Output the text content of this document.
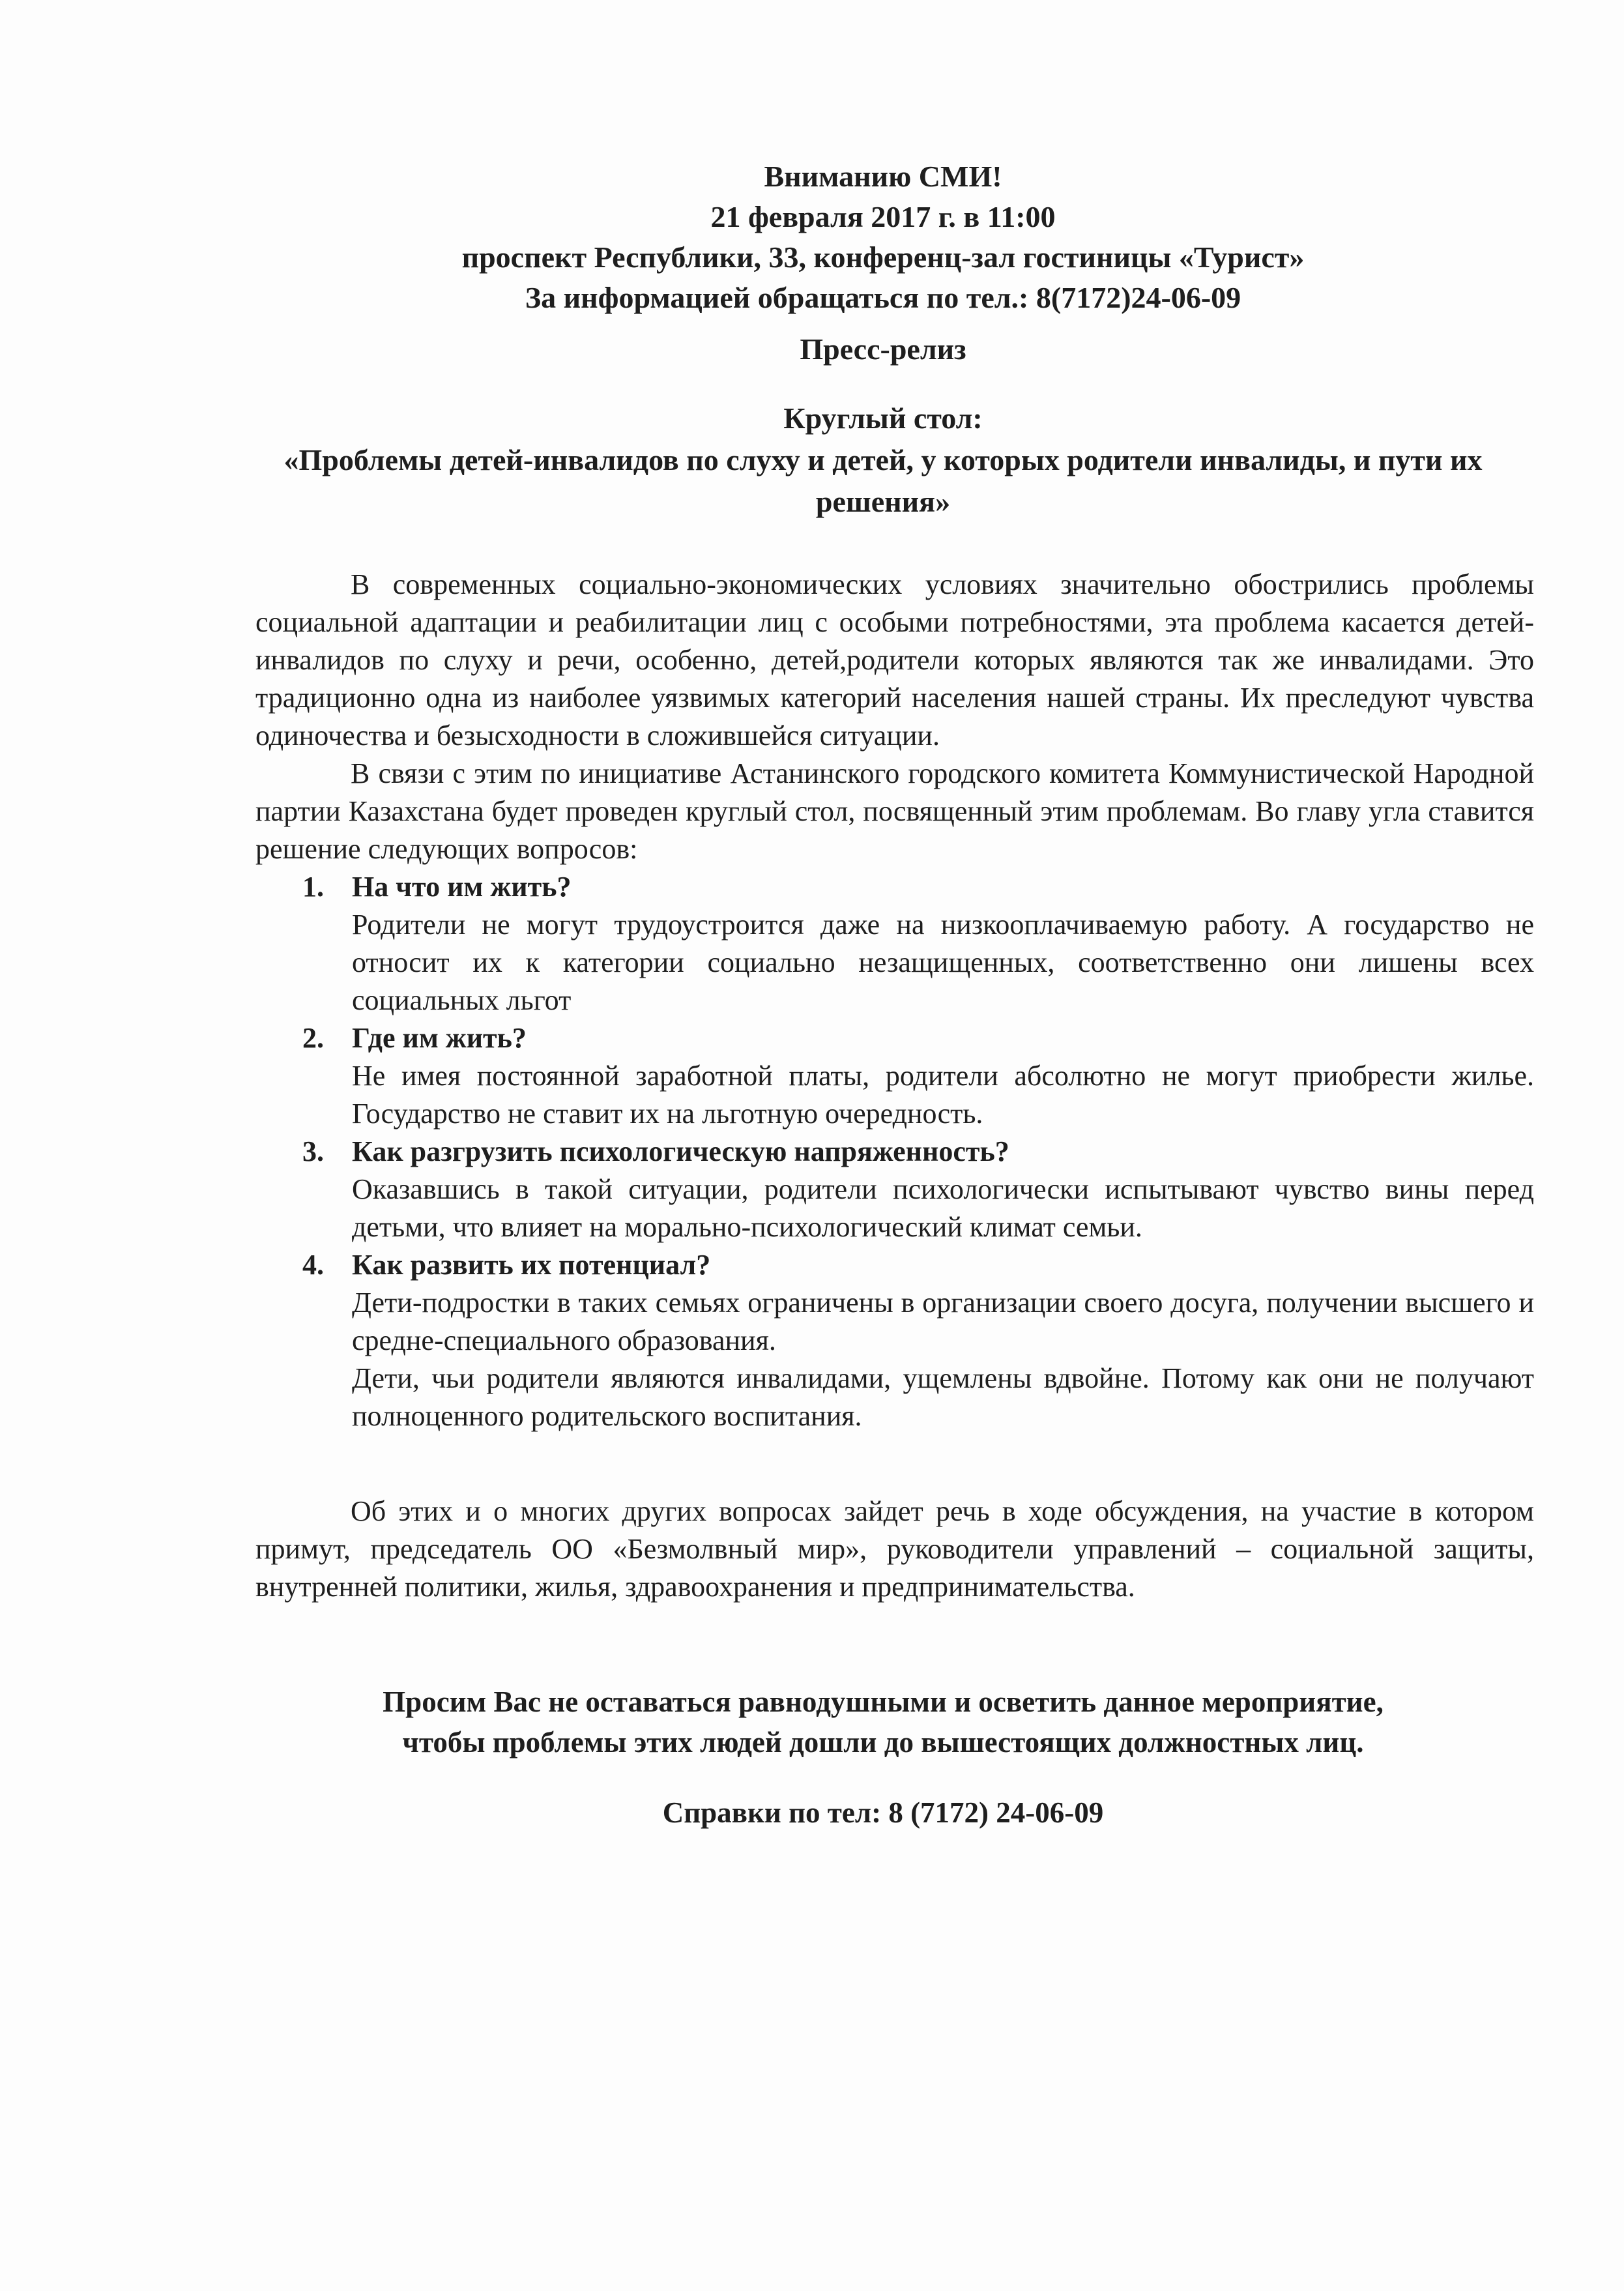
Вниманию СМИ!
21 февраля 2017 г. в 11:00
проспект Республики, 33, конференц-зал гостиницы «Турист»
За информацией обращаться по тел.: 8(7172)24-06-09
Пресс-релиз
Круглый стол:
«Проблемы детей-инвалидов по слуху и детей, у которых родители инвалиды, и пути их решения»

В современных социально-экономических условиях значительно обострились проблемы социальной адаптации и реабилитации лиц с особыми потребностями, эта проблема касается детей-инвалидов по слуху и речи, особенно, детей,родители которых являются так же инвалидами. Это традиционно одна из наиболее уязвимых категорий населения нашей страны. Их преследуют чувства одиночества и безысходности в сложившейся ситуации.

В связи с этим по инициативе Астанинского городского комитета Коммунистической Народной партии Казахстана будет проведен круглый стол, посвященный этим проблемам. Во главу угла ставится решение следующих вопросов:

1. На что им жить?
Родители не могут трудоустроится даже на низкооплачиваемую работу. А государство не относит их к категории социально незащищенных, соответственно они лишены всех социальных льгот
2. Где им жить?
Не имея постоянной заработной платы, родители абсолютно не могут приобрести жилье. Государство не ставит их на льготную очередность.
3. Как разгрузить психологическую напряженность?
Оказавшись в такой ситуации, родители психологически испытывают чувство вины перед детьми, что влияет на морально-психологический климат семьи.
4. Как развить их потенциал?
Дети-подростки в таких семьях ограничены в организации своего досуга, получении высшего и средне-специального образования.
Дети, чьи родители являются инвалидами, ущемлены вдвойне. Потому как они не получают полноценного родительского воспитания.

Об этих и о многих других вопросах зайдет речь в ходе обсуждения, на участие в котором примут, председатель ОО «Безмолвный мир», руководители управлений – социальной защиты, внутренней политики, жилья, здравоохранения и предпринимательства.

Просим Вас не оставаться равнодушными и осветить данное мероприятие,
чтобы проблемы этих людей дошли до вышестоящих должностных лиц.
Справки по тел: 8 (7172) 24-06-09
